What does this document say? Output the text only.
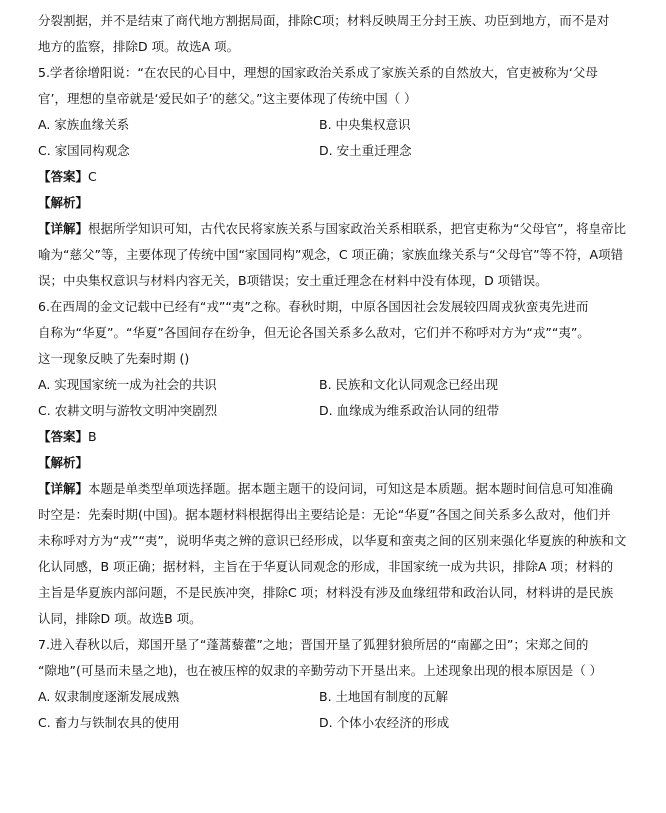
分裂割据，并不是结束了商代地方割据局面，排除C项；材料反映周王分封王族、功臣到地方，而不是对
地方的监察，排除D 项。故选A 项。
5.学者徐增阳说：“在农民的心目中，理想的国家政治关系成了家族关系的自然放大，官吏被称为‘父母
官’，理想的皇帝就是‘爱民如子’的慈父。”这主要体现了传统中国（ ）
A. 家族血缘关系	B. 中央集权意识
C. 家国同构观念	D. 安土重迁理念
【答案】C
【解析】
【详解】根据所学知识可知，古代农民将家族关系与国家政治关系相联系，把官吏称为“父母官”，将皇帝比
喻为“慈父”等，主要体现了传统中国“家国同构”观念，C 项正确；家族血缘关系与“父母官”等不符，A项错
误；中央集权意识与材料内容无关，B项错误；安土重迁理念在材料中没有体现，D 项错误。
6.在西周的金文记载中已经有“戎”“夷”之称。春秋时期，中原各国因社会发展较四周戎狄蛮夷先进而
自称为“华夏”。“华夏”各国间存在纷争，但无论各国关系多么敌对，它们并不称呼对方为“戎”“夷”。
这一现象反映了先秦时期 ()
A. 实现国家统一成为社会的共识	B. 民族和文化认同观念已经出现
C. 农耕文明与游牧文明冲突剧烈	D. 血缘成为维系政治认同的纽带
【答案】B
【解析】
【详解】本题是单类型单项选择题。据本题主题干的设问词，可知这是本质题。据本题时间信息可知准确
时空是：先秦时期(中国)。据本题材料根据得出主要结论是：无论“华夏”各国之间关系多么敌对，他们并
未称呼对方为“戎”“夷”，说明华夷之辨的意识已经形成，以华夏和蛮夷之间的区别来强化华夏族的种族和文
化认同感，B 项正确；据材料，主旨在于华夏认同观念的形成，非国家统一成为共识，排除A 项；材料的
主旨是华夏族内部问题，不是民族冲突，排除C 项；材料没有涉及血缘纽带和政治认同，材料讲的是民族
认同，排除D 项。故选B 项。
7.进入春秋以后，郑国开垦了“蓬蒿藜藿”之地；晋国开垦了狐狸豺狼所居的“南鄙之田”；宋郑之间的
“隙地”(可垦而未垦之地)，也在被压榨的奴隶的辛勤劳动下开垦出来。上述现象出现的根本原因是（ ）
A. 奴隶制度逐渐发展成熟	B. 土地国有制度的瓦解
C. 畜力与铁制农具的使用	D. 个体小农经济的形成
